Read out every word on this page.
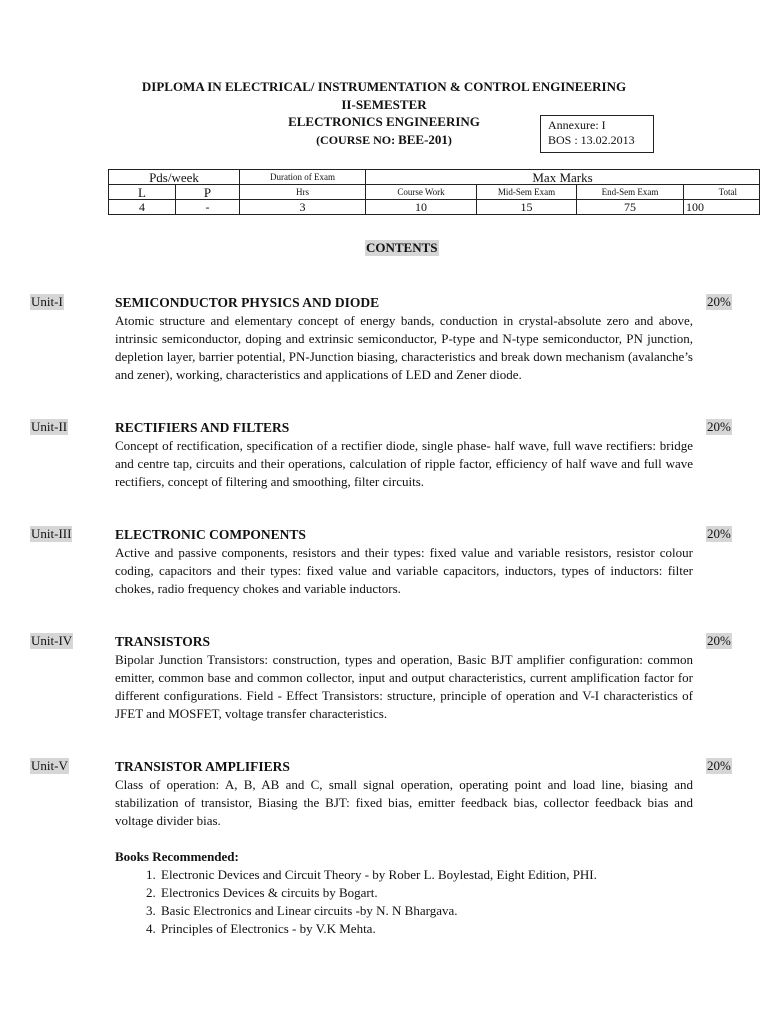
DIPLOMA IN ELECTRICAL/ INSTRUMENTATION & CONTROL ENGINEERING
II-SEMESTER
ELECTRONICS ENGINEERING
(COURSE NO: BEE-201)
Annexure: I
BOS : 13.02.2013
Pds/week		Duration of Exam	Max Marks			
L	P	Hrs	Course Work	Mid-Sem Exam	End-Sem Exam	Total
4	-	3	10	15	75	100
CONTENTS
Unit-I	20%
SEMICONDUCTOR PHYSICS AND DIODE
Atomic structure and elementary concept of energy bands, conduction in crystal-absolute zero and above, intrinsic semiconductor, doping and extrinsic semiconductor, P-type and N-type semiconductor, PN junction, depletion layer, barrier potential, PN-Junction biasing, characteristics and break down mechanism (avalanche’s and zener), working, characteristics and applications of LED and Zener diode.
Unit-II	20%
RECTIFIERS AND FILTERS
Concept of rectification, specification of a rectifier diode, single phase- half wave, full wave rectifiers: bridge and centre tap, circuits and their operations, calculation of ripple factor, efficiency of half wave and full wave rectifiers, concept of filtering and smoothing, filter circuits.
Unit-III	20%
ELECTRONIC COMPONENTS
Active and passive components, resistors and their types: fixed value and variable resistors, resistor colour coding, capacitors and their types: fixed value and variable capacitors, inductors, types of inductors: filter chokes, radio frequency chokes and variable inductors.
Unit-IV	20%
TRANSISTORS
Bipolar Junction Transistors: construction, types and operation, Basic BJT amplifier configuration: common emitter, common base and common collector, input and output characteristics, current amplification factor for different configurations. Field - Effect Transistors: structure, principle of operation and V-I characteristics of JFET and MOSFET, voltage transfer characteristics.
Unit-V	20%
TRANSISTOR AMPLIFIERS
Class of operation: A, B, AB and C, small signal operation, operating point and load line, biasing and stabilization of transistor, Biasing the BJT: fixed bias, emitter feedback bias, collector feedback bias and voltage divider bias.
Books Recommended:
1. Electronic Devices and Circuit Theory - by Rober L. Boylestad, Eight Edition, PHI.
2. Electronics Devices & circuits by Bogart.
3. Basic Electronics and Linear circuits -by N. N Bhargava.
4. Principles of Electronics - by V.K Mehta.
